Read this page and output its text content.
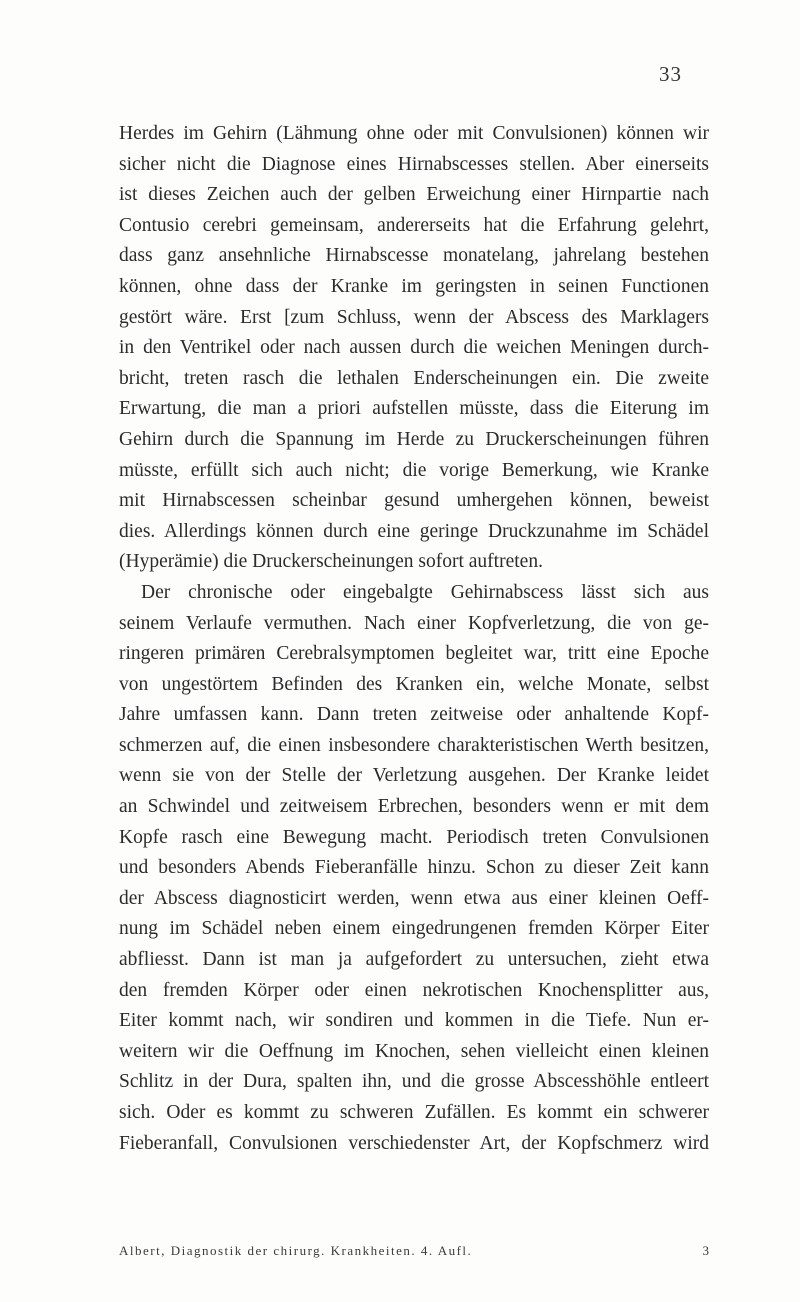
33
Herdes im Gehirn (Lähmung ohne oder mit Convulsionen) können wir
sicher nicht die Diagnose eines Hirnabscesses stellen. Aber einerseits
ist dieses Zeichen auch der gelben Erweichung einer Hirnpartie nach
Contusio cerebri gemeinsam, andererseits hat die Erfahrung gelehrt,
dass ganz ansehnliche Hirnabscesse monatelang, jahrelang bestehen
können, ohne dass der Kranke im geringsten in seinen Functionen
gestört wäre. Erst [zum Schluss, wenn der Abscess des Marklagers
in den Ventrikel oder nach aussen durch die weichen Meningen durch-
bricht, treten rasch die lethalen Enderscheinungen ein. Die zweite
Erwartung, die man a priori aufstellen müsste, dass die Eiterung im
Gehirn durch die Spannung im Herde zu Druckerscheinungen führen
müsste, erfüllt sich auch nicht; die vorige Bemerkung, wie Kranke
mit Hirnabscessen scheinbar gesund umhergehen können, beweist
dies. Allerdings können durch eine geringe Druckzunahme im Schädel
(Hyperämie) die Druckerscheinungen sofort auftreten.
Der chronische oder eingebalgte Gehirnabscess lässt sich aus
seinem Verlaufe vermuthen. Nach einer Kopfverletzung, die von ge-
ringeren primären Cerebralsymptomen begleitet war, tritt eine Epoche
von ungestörtem Befinden des Kranken ein, welche Monate, selbst
Jahre umfassen kann. Dann treten zeitweise oder anhaltende Kopf-
schmerzen auf, die einen insbesondere charakteristischen Werth besitzen,
wenn sie von der Stelle der Verletzung ausgehen. Der Kranke leidet
an Schwindel und zeitweisem Erbrechen, besonders wenn er mit dem
Kopfe rasch eine Bewegung macht. Periodisch treten Convulsionen
und besonders Abends Fieberanfälle hinzu. Schon zu dieser Zeit kann
der Abscess diagnosticirt werden, wenn etwa aus einer kleinen Oeff-
nung im Schädel neben einem eingedrungenen fremden Körper Eiter
abfliesst. Dann ist man ja aufgefordert zu untersuchen, zieht etwa
den fremden Körper oder einen nekrotischen Knochensplitter aus,
Eiter kommt nach, wir sondiren und kommen in die Tiefe. Nun er-
weitern wir die Oeffnung im Knochen, sehen vielleicht einen kleinen
Schlitz in der Dura, spalten ihn, und die grosse Abscesshöhle entleert
sich. Oder es kommt zu schweren Zufällen. Es kommt ein schwerer
Fieberanfall, Convulsionen verschiedenster Art, der Kopfschmerz wird
Albert, Diagnostik der chirurg. Krankheiten. 4. Aufl.	3
